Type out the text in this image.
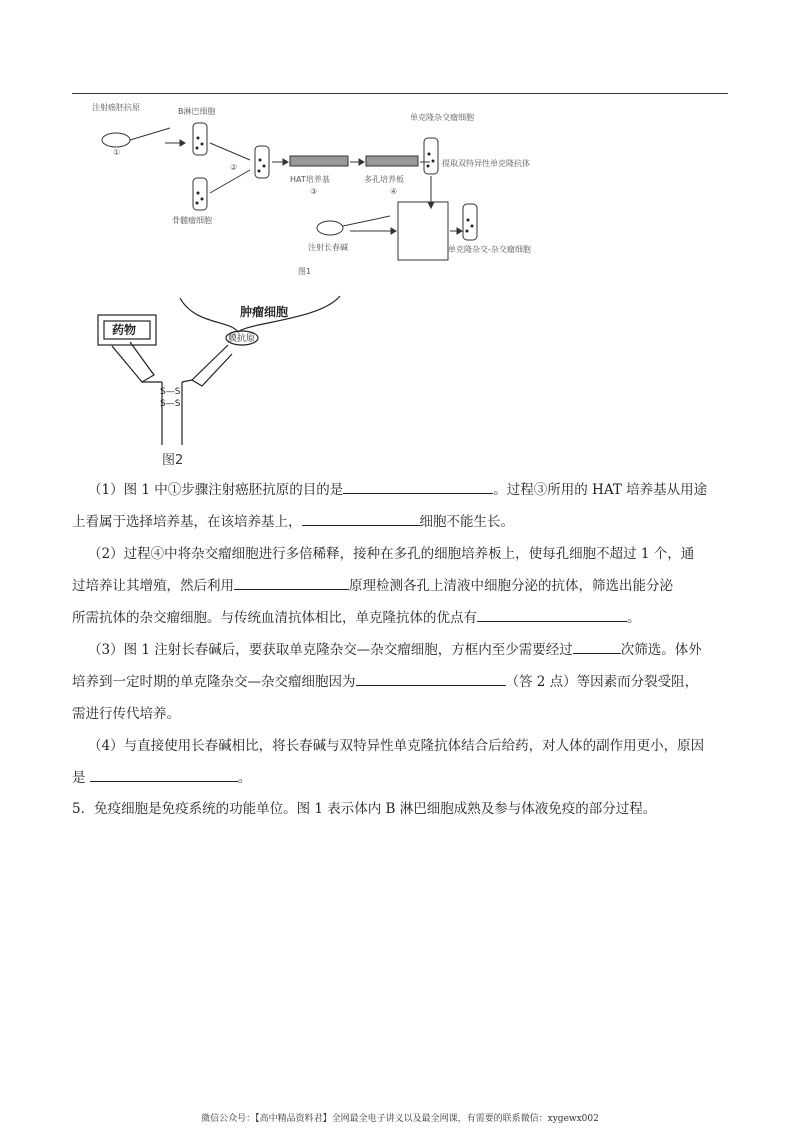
注射癌胚抗原	B淋巴细胞
骨髓瘤细胞
HAT培养基	多孔培养板
单克隆杂交瘤细胞
提取双特异性单克隆抗体
注射长春碱	单克隆杂交-杂交瘤细胞
图1
①
②
③	④
药物
肿瘤细胞
膜抗原
S—S
S—S
图2

（1）图 1 中①步骤注射癌胚抗原的目的是	。过程③所用的 HAT 培养基从用途

上看属于选择培养基，在该培养基上，	细胞不能生长。

（2）过程④中将杂交瘤细胞进行多倍稀释，接种在多孔的细胞培养板上，使每孔细胞不超过 1 个，通

过培养让其增殖，然后利用	原理检测各孔上清液中细胞分泌的抗体，筛选出能分泌

所需抗体的杂交瘤细胞。与传统血清抗体相比，单克隆抗体的优点有	。

（3）图 1 注射长春碱后，要获取单克隆杂交—杂交瘤细胞，方框内至少需要经过	次筛选。体外

培养到一定时期的单克隆杂交—杂交瘤细胞因为	（答 2 点）等因素而分裂受阻，

需进行传代培养。

（4）与直接使用长春碱相比，将长春碱与双特异性单克隆抗体结合后给药，对人体的副作用更小，原因

是	。

5．免疫细胞是免疫系统的功能单位。图 1 表示体内 B 淋巴细胞成熟及参与体液免疫的部分过程。
微信公众号：【高中精品资料君】全网最全电子讲义以及最全网课，有需要的联系微信：xygewx002
